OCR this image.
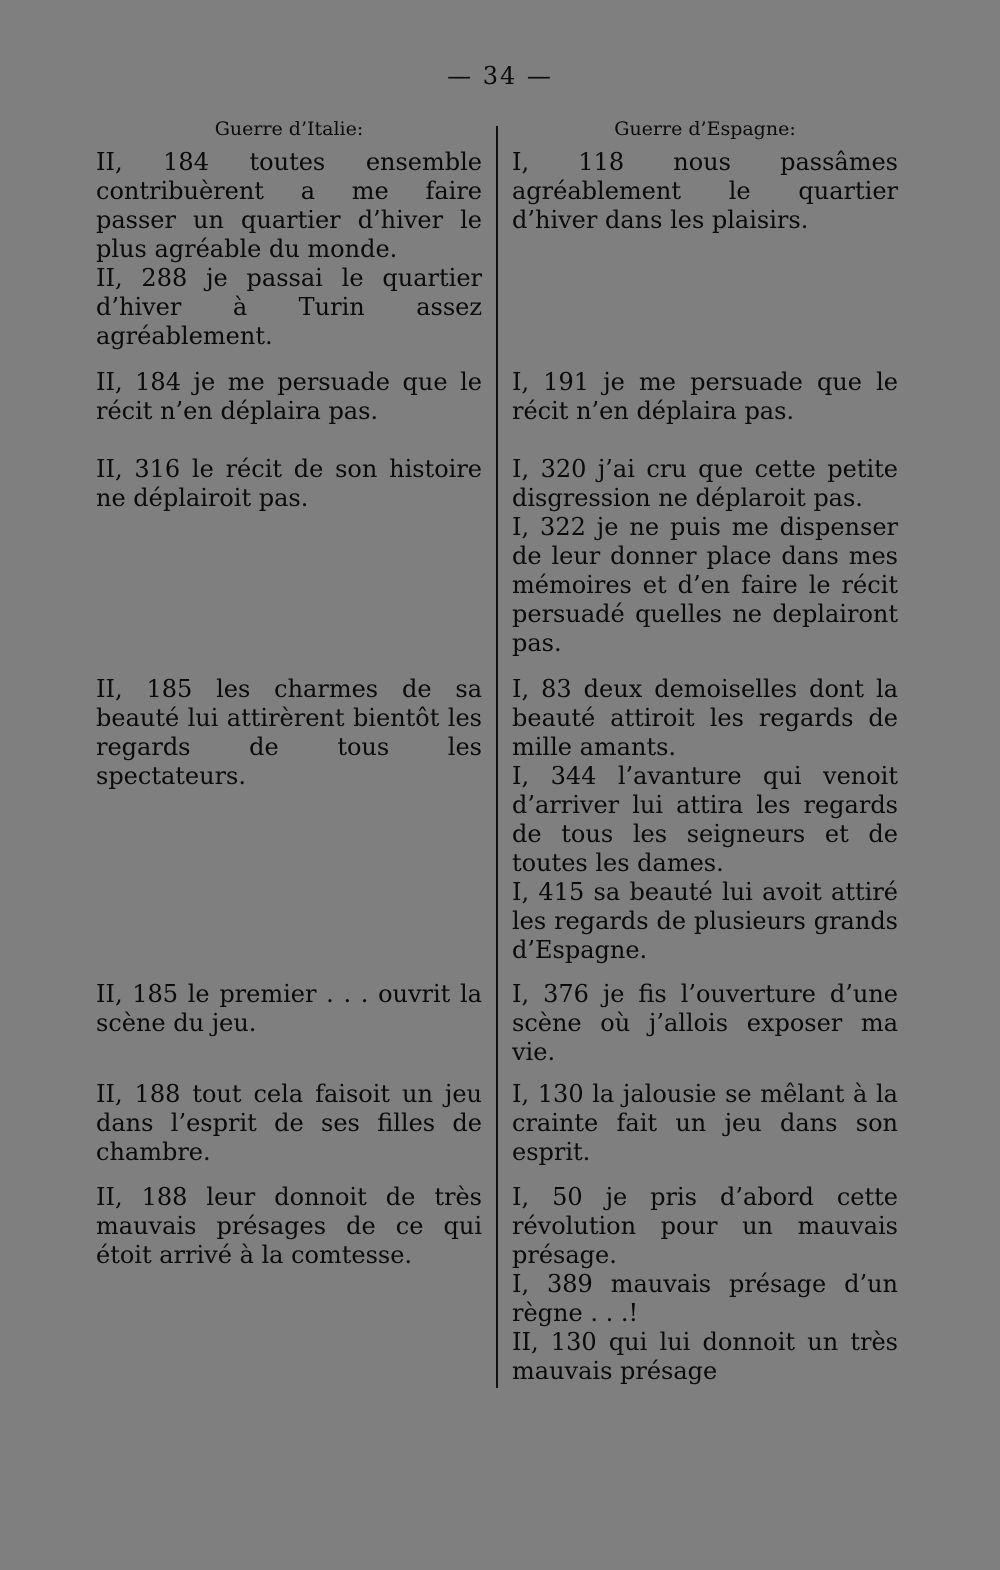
— 34 —
Guerre d’Italie:
II, 184 toutes ensemble contribuèrent a me faire passer un quartier d’hiver le plus agréable du monde.
II, 288 je passai le quartier d’hiver à Turin assez agréablement.
II, 184 je me persuade que le récit n’en déplaira pas.
II, 316 le récit de son histoire ne déplairoit pas.
II, 185 les charmes de sa beauté lui attirèrent bientôt les regards de tous les spectateurs.
II, 185 le premier . . . ouvrit la scène du jeu.
II, 188 tout cela faisoit un jeu dans l’esprit de ses filles de chambre.
II, 188 leur donnoit de très mauvais présages de ce qui étoit arrivé à la comtesse.
Guerre d’Espagne:
I, 118 nous passâmes agréablement le quartier d’hiver dans les plaisirs.
I, 191 je me persuade que le récit n’en déplaira pas.
I, 320 j’ai cru que cette petite disgression ne déplaroit pas.
I, 322 je ne puis me dispenser de leur donner place dans mes mémoires et d’en faire le récit persuadé quelles ne deplairont pas.
I, 83 deux demoiselles dont la beauté attiroit les regards de mille amants.
I, 344 l’avanture qui venoit d’arriver lui attira les regards de tous les seigneurs et de toutes les dames.
I, 415 sa beauté lui avoit attiré les regards de plusieurs grands d’Espagne.
I, 376 je fis l’ouverture d’une scène où j’allois exposer ma vie.
I, 130 la jalousie se mêlant à la crainte fait un jeu dans son esprit.
I, 50 je pris d’abord cette révolution pour un mauvais présage.
I, 389 mauvais présage d’un règne . . .!
II, 130 qui lui donnoit un très mauvais présage
